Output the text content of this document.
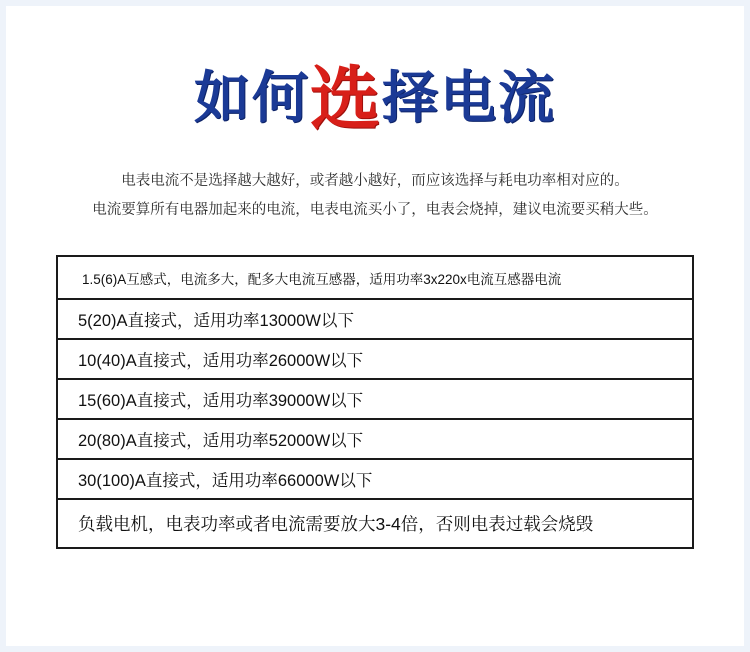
如何选择电流
电表电流不是选择越大越好，或者越小越好，而应该选择与耗电功率相对应的。
电流要算所有电器加起来的电流，电表电流买小了，电表会烧掉，建议电流要买稍大些。
1.5(6)A互感式，电流多大，配多大电流互感器，适用功率3x220x电流互感器电流
5(20)A直接式，适用功率13000W以下
10(40)A直接式，适用功率26000W以下
15(60)A直接式，适用功率39000W以下
20(80)A直接式，适用功率52000W以下
30(100)A直接式，适用功率66000W以下
负载电机，电表功率或者电流需要放大3-4倍，否则电表过载会烧毁
